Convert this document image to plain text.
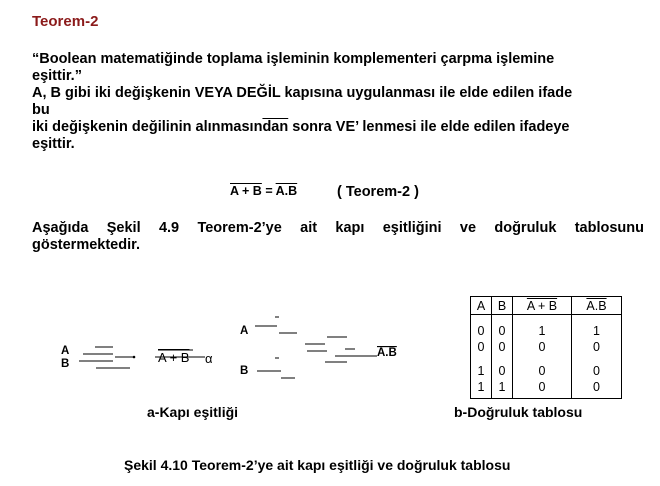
Teorem-2
“Boolean matematiğinde toplama işleminin komplementeri çarpma işlemine
eşittir.”
A, B gibi iki değişkenin VEYA DEĞİL kapısına uygulanması ile elde edilen ifade
bu
iki değişkenin değilinin $alınmasın\overline{dan}$ sonra VE’ lenmesi ile elde edilen ifadeye
eşittir.
A + B = A.B	( Teorem-2 )
Aşağıda Şekil 4.9 Teorem-2’ye ait kapı eşitliğini ve doğruluk tablosunu
göstermektedir.
A
B	A + B α
A
B
A.B
A	B	A + B	A.B
0	0	1	1
0	0	0	0
1	0	0	0
1	1	0	0
a-Kapı eşitliği	b-Doğruluk tablosu
Şekil 4.10 Teorem-2’ye ait kapı eşitliği ve doğruluk tablosu
